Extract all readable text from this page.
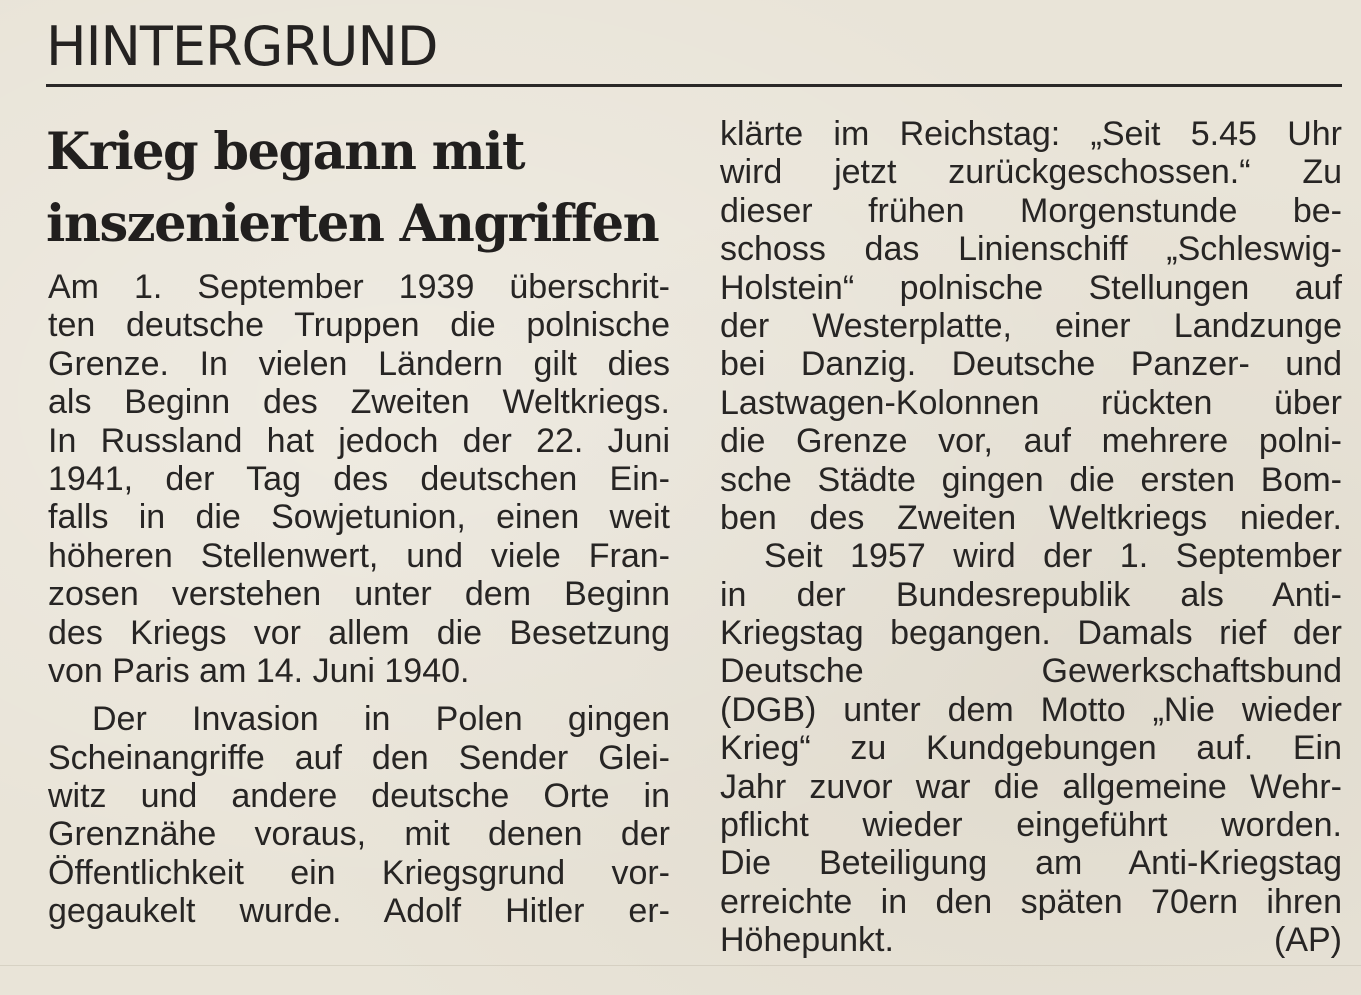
HINTERGRUND
Krieg begann mit
inszenierten Angriffen
Am 1. September 1939 überschrit-
ten deutsche Truppen die polnische
Grenze. In vielen Ländern gilt dies
als Beginn des Zweiten Weltkriegs.
In Russland hat jedoch der 22. Juni
1941, der Tag des deutschen Ein-
falls in die Sowjetunion, einen weit
höheren Stellenwert, und viele Fran-
zosen verstehen unter dem Beginn
des Kriegs vor allem die Besetzung
von Paris am 14. Juni 1940.
Der Invasion in Polen gingen
Scheinangriffe auf den Sender Glei-
witz und andere deutsche Orte in
Grenznähe voraus, mit denen der
Öffentlichkeit ein Kriegsgrund vor-
gegaukelt wurde. Adolf Hitler er-
klärte im Reichstag: „Seit 5.45 Uhr
wird jetzt zurückgeschossen.“ Zu
dieser frühen Morgenstunde be-
schoss das Linienschiff „Schleswig-
Holstein“ polnische Stellungen auf
der Westerplatte, einer Landzunge
bei Danzig. Deutsche Panzer- und
Lastwagen-Kolonnen rückten über
die Grenze vor, auf mehrere polni-
sche Städte gingen die ersten Bom-
ben des Zweiten Weltkriegs nieder.
Seit 1957 wird der 1. September
in der Bundesrepublik als Anti-
Kriegstag begangen. Damals rief der
Deutsche Gewerkschaftsbund
(DGB) unter dem Motto „Nie wieder
Krieg“ zu Kundgebungen auf. Ein
Jahr zuvor war die allgemeine Wehr-
pflicht wieder eingeführt worden.
Die Beteiligung am Anti-Kriegstag
erreichte in den späten 70ern ihren
Höhepunkt.	(AP)
